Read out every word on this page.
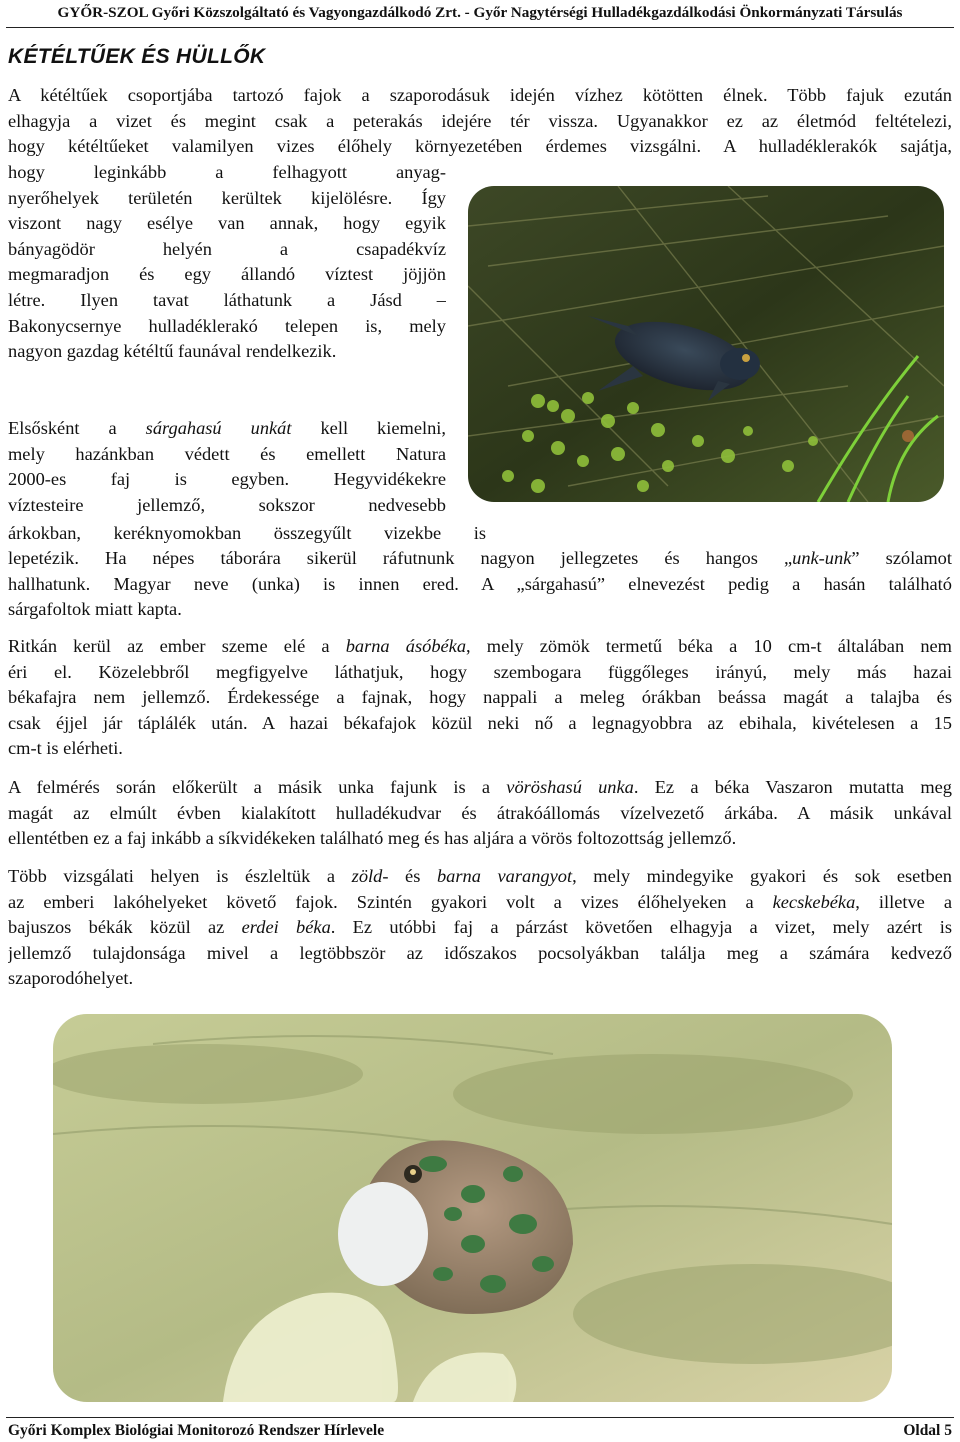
GYŐR-SZOL Győri Közszolgáltató és Vagyongazdálkodó Zrt. - Győr Nagytérségi Hulladékgazdálkodási Önkormányzati Társulás
KÉTÉLTŰEK ÉS HÜLLŐK
A kétéltűek csoportjába tartozó fajok a szaporodásuk idején vízhez kötötten élnek. Több fajuk ezután
elhagyja a vizet és megint csak a peterakás idejére tér vissza. Ugyanakkor ez az életmód feltételezi,
hogy kétéltűeket valamilyen vizes élőhely környezetében érdemes vizsgálni. A hulladéklerakók sajátja,
hogy leginkább a felhagyott anyag-
nyerőhelyek területén kerültek kijelölésre. Így
viszont nagy esélye van annak, hogy egyik
bányagödör helyén a csapadékvíz
megmaradjon és egy állandó víztest jöjjön
létre. Ilyen tavat láthatunk a Jásd –
Bakonycsernye hulladéklerakó telepen is, mely
nagyon gazdag kétéltű faunával rendelkezik.
Elsősként a sárgahasú unkát kell kiemelni,
mely hazánkban védett és emellett Natura
2000-es faj is egyben. Hegyvidékekre
víztesteire jellemző, sokszor nedvesebb
árkokban, keréknyomokban összegyűlt vizekbe is
lepetézik. Ha népes táborára sikerül ráfutnunk nagyon jellegzetes és hangos „unk-unk” szólamot
hallhatunk. Magyar neve (unka) is innen ered. A „sárgahasú” elnevezést pedig a hasán található
sárgafoltok miatt kapta.
Ritkán kerül az ember szeme elé a barna ásóbéka, mely zömök termetű béka a 10 cm-t általában nem
éri el. Közelebbről megfigyelve láthatjuk, hogy szembogara függőleges irányú, mely más hazai
békafajra nem jellemző. Érdekessége a fajnak, hogy nappali a meleg órákban beássa magát a talajba és
csak éjjel jár táplálék után. A hazai békafajok közül neki nő a legnagyobbra az ebihala, kivételesen a 15
cm-t is elérheti.
A felmérés során előkerült a másik unka fajunk is a vöröshasú unka. Ez a béka Vaszaron mutatta meg
magát az elmúlt évben kialakított hulladékudvar és átrakóállomás vízelvezető árkába. A másik unkával
ellentétben ez a faj inkább a síkvidékeken található meg és has aljára a vörös foltozottság jellemző.
Több vizsgálati helyen is észleltük a zöld- és barna varangyot, mely mindegyike gyakori és sok esetben
az emberi lakóhelyeket követő fajok. Szintén gyakori volt a vizes élőhelyeken a kecskebéka, illetve a
bajuszos békák közül az erdei béka. Ez utóbbi faj a párzást követően elhagyja a vizet, mely azért is
jellemző tulajdonsága mivel a legtöbbször az időszakos pocsolyákban találja meg a számára kedvező
szaporodóhelyet.
Győri Komplex Biológiai Monitorozó Rendszer Hírlevele	Oldal 5
